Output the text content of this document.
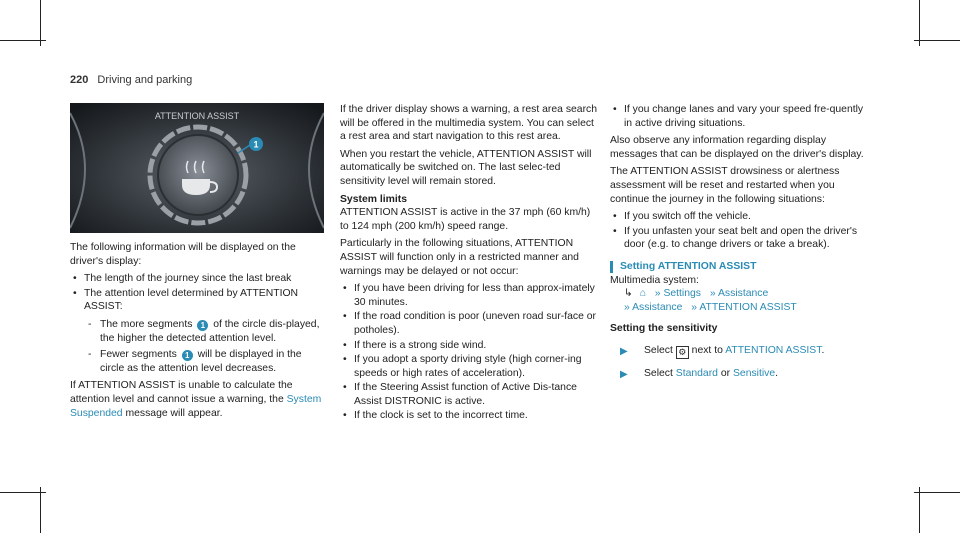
220 Driving and parking
ATTENTION ASSIST
1

The following information will be displayed on the driver's display:

• The length of the journey since the last break
• The attention level determined by ATTENTION ASSIST:
- The more segments 1 of the circle dis-played, the higher the detected attention level.
- Fewer segments 1 will be displayed in the circle as the attention level decreases.

If ATTENTION ASSIST is unable to calculate the attention level and cannot issue a warning, the System Suspended message will appear.

If the driver display shows a warning, a rest area search will be offered in the multimedia system. You can select a rest area and start navigation to this rest area.

When you restart the vehicle, ATTENTION ASSIST will automatically be switched on. The last selec-ted sensitivity level will remain stored.

System limits

ATTENTION ASSIST is active in the 37 mph (60 km/h) to 124 mph (200 km/h) speed range.

Particularly in the following situations, ATTENTION ASSIST will function only in a restricted manner and warnings may be delayed or not occur:

• If you have been driving for less than approx-imately 30 minutes.
• If the road condition is poor (uneven road sur-face or potholes).
• If there is a strong side wind.
• If you adopt a sporty driving style (high corner-ing speeds or high rates of acceleration).
• If the Steering Assist function of Active Dis-tance Assist DISTRONIC is active.
• If the clock is set to the incorrect time.
• If you change lanes and vary your speed fre-quently in active driving situations.

Also observe any information regarding display messages that can be displayed on the driver's display.

The ATTENTION ASSIST drowsiness or alertness assessment will be reset and restarted when you continue the journey in the following situations:

• If you switch off the vehicle.
• If you unfasten your seat belt and open the driver's door (e.g. to change drivers or take a break).
Setting ATTENTION ASSIST
Multimedia system:
↳ ⌂ » Settings » Assistance
» Assistance » ATTENTION ASSIST
Setting the sensitivity
▶ Select ⚙ next to ATTENTION ASSIST.
▶ Select Standard or Sensitive.
